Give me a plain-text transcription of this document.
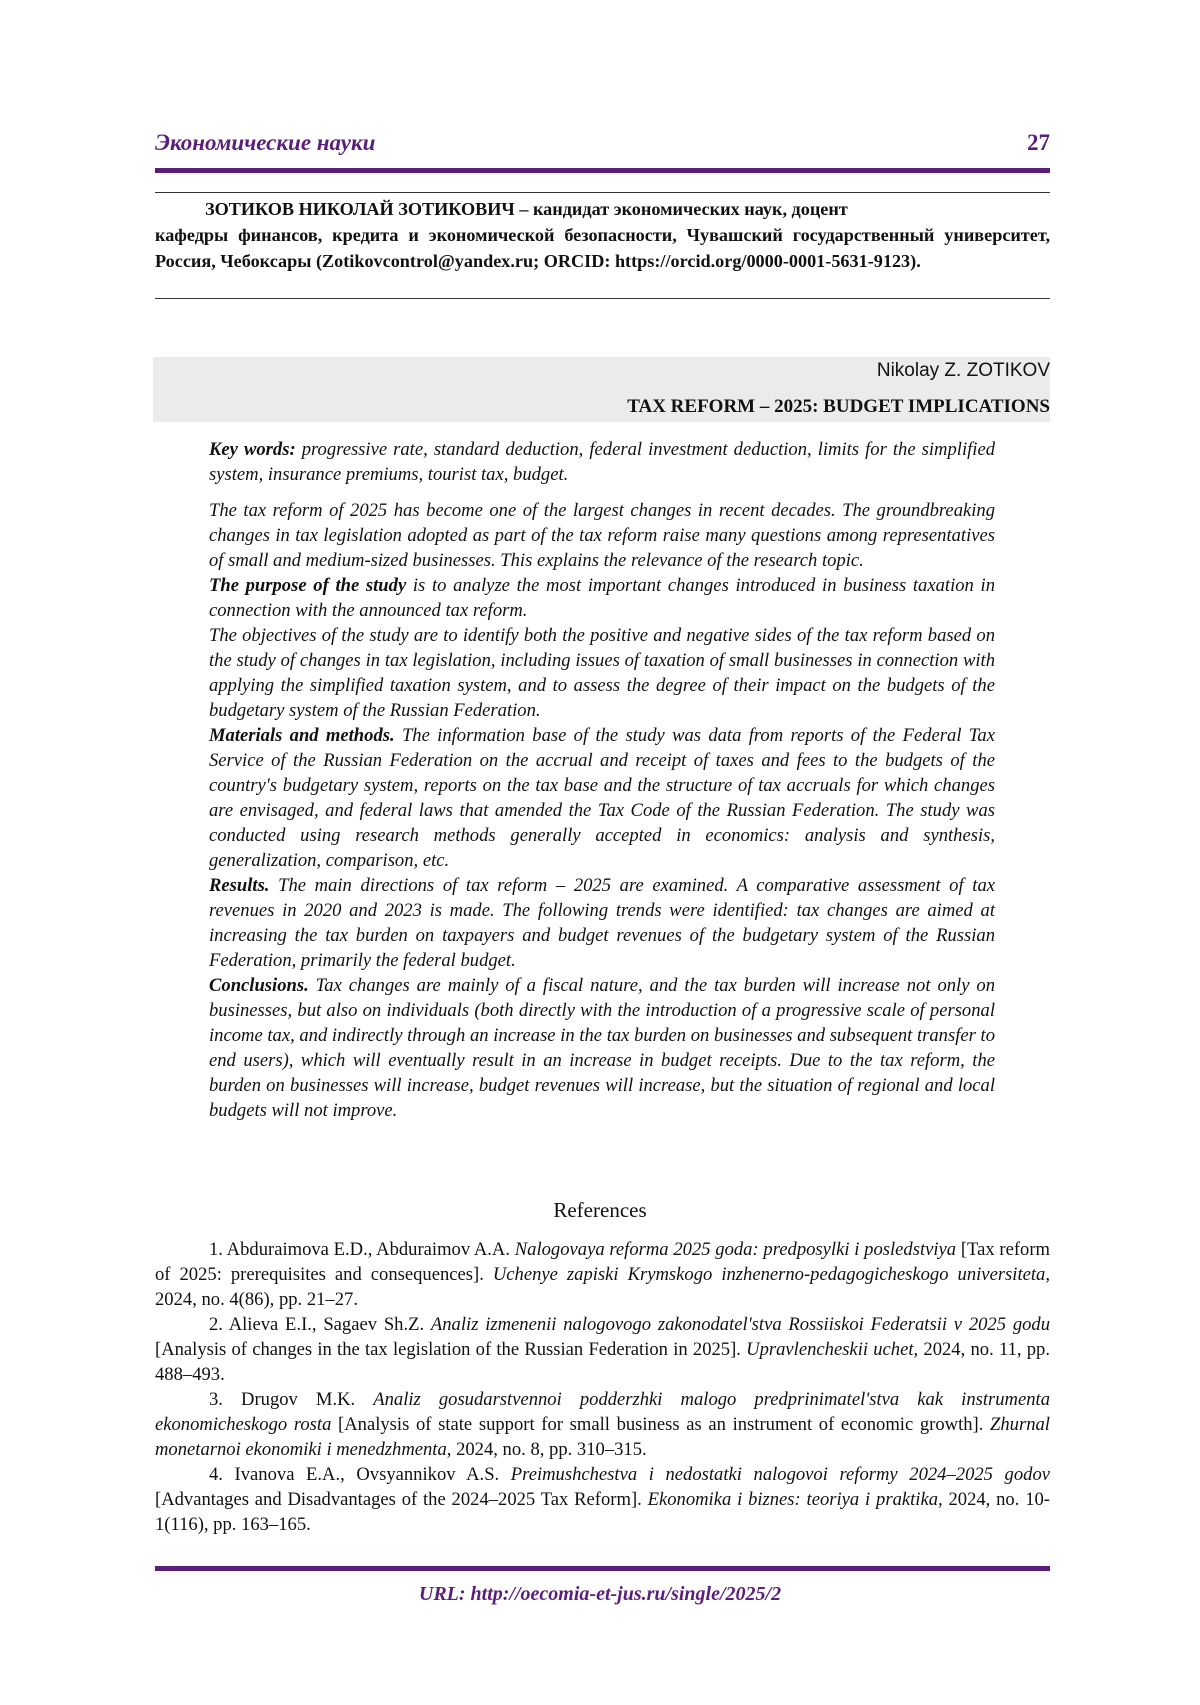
Экономические науки	27
ЗОТИКОВ НИКОЛАЙ ЗОТИКОВИЧ – кандидат экономических наук, доцент
кафедры финансов, кредита и экономической безопасности, Чувашский государственный университет, Россия, Чебоксары (Zotikovcontrol@yandex.ru; ORCID: https://orcid.org/0000-0001-5631-9123).
Nikolay Z. ZOTIKOV
TAX REFORM – 2025: BUDGET IMPLICATIONS

Key words: progressive rate, standard deduction, federal investment deduction, limits for the simplified system, insurance premiums, tourist tax, budget.

The tax reform of 2025 has become one of the largest changes in recent decades. The groundbreaking changes in tax legislation adopted as part of the tax reform raise many questions among representatives of small and medium-sized businesses. This explains the relevance of the research topic.

The purpose of the study is to analyze the most important changes introduced in business taxation in connection with the announced tax reform.

The objectives of the study are to identify both the positive and negative sides of the tax reform based on the study of changes in tax legislation, including issues of taxation of small businesses in connection with applying the simplified taxation system, and to assess the degree of their impact on the budgets of the budgetary system of the Russian Federation.

Materials and methods. The information base of the study was data from reports of the Federal Tax Service of the Russian Federation on the accrual and receipt of taxes and fees to the budgets of the country's budgetary system, reports on the tax base and the structure of tax accruals for which changes are envisaged, and federal laws that amended the Tax Code of the Russian Federation. The study was conducted using research methods generally accepted in economics: analysis and synthesis, generalization, comparison, etc.

Results. The main directions of tax reform – 2025 are examined. A comparative assessment of tax revenues in 2020 and 2023 is made. The following trends were identified: tax changes are aimed at increasing the tax burden on taxpayers and budget revenues of the budgetary system of the Russian Federation, primarily the federal budget.

Conclusions. Tax changes are mainly of a fiscal nature, and the tax burden will increase not only on businesses, but also on individuals (both directly with the introduction of a progressive scale of personal income tax, and indirectly through an increase in the tax burden on businesses and subsequent transfer to end users), which will eventually result in an increase in budget receipts. Due to the tax reform, the burden on businesses will increase, budget revenues will increase, but the situation of regional and local budgets will not improve.

References

1. Abduraimova E.D., Abduraimov A.A. Nalogovaya reforma 2025 goda: predposylki i posledstviya [Tax reform of 2025: prerequisites and consequences]. Uchenye zapiski Krymskogo inzhenerno-pedagogicheskogo universiteta, 2024, no. 4(86), pp. 21–27.

2. Alieva E.I., Sagaev Sh.Z. Analiz izmenenii nalogovogo zakonodatel'stva Rossiiskoi Federatsii v 2025 godu [Analysis of changes in the tax legislation of the Russian Federation in 2025]. Upravlencheskii uchet, 2024, no. 11, pp. 488–493.

3. Drugov M.K. Analiz gosudarstvennoi podderzhki malogo predprinimatel'stva kak instrumenta ekonomicheskogo rosta [Analysis of state support for small business as an instrument of economic growth]. Zhurnal monetarnoi ekonomiki i menedzhmenta, 2024, no. 8, pp. 310–315.

4. Ivanova E.A., Ovsyannikov A.S. Preimushchestva i nedostatki nalogovoi reformy 2024–2025 godov [Advantages and Disadvantages of the 2024–2025 Tax Reform]. Ekonomika i biznes: teoriya i praktika, 2024, no. 10-1(116), pp. 163–165.

URL: http://oecomia-et-jus.ru/single/2025/2
